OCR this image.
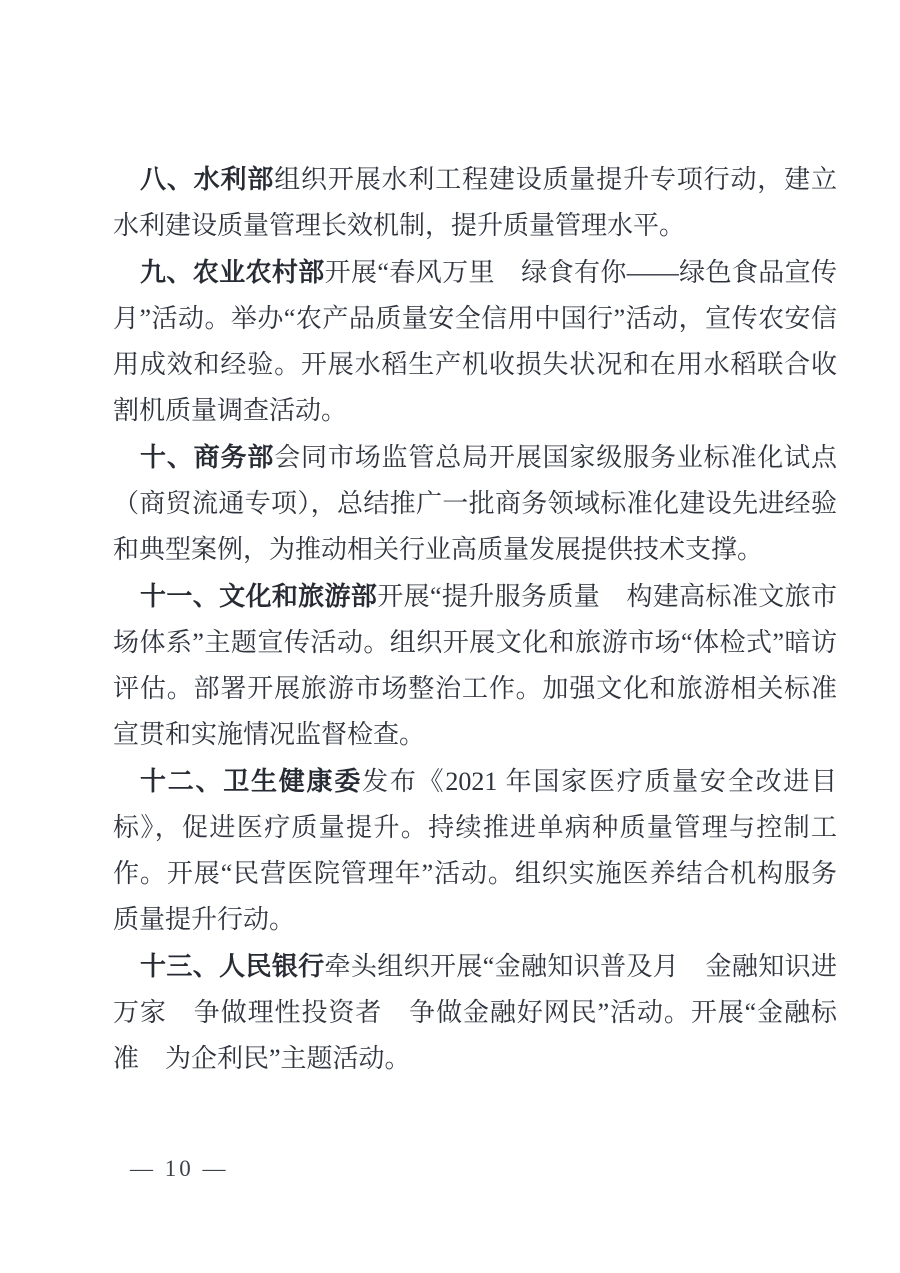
八、水利部组织开展水利工程建设质量提升专项行动，建立水利建设质量管理长效机制，提升质量管理水平。

九、农业农村部开展“春风万里　绿食有你——绿色食品宣传月”活动。举办“农产品质量安全信用中国行”活动，宣传农安信用成效和经验。开展水稻生产机收损失状况和在用水稻联合收割机质量调查活动。

十、商务部会同市场监管总局开展国家级服务业标准化试点（商贸流通专项），总结推广一批商务领域标准化建设先进经验和典型案例，为推动相关行业高质量发展提供技术支撑。

十一、文化和旅游部开展“提升服务质量　构建高标准文旅市场体系”主题宣传活动。组织开展文化和旅游市场“体检式”暗访评估。部署开展旅游市场整治工作。加强文化和旅游相关标准宣贯和实施情况监督检查。

十二、卫生健康委发布《2021 年国家医疗质量安全改进目标》，促进医疗质量提升。持续推进单病种质量管理与控制工作。开展“民营医院管理年”活动。组织实施医养结合机构服务质量提升行动。

十三、人民银行牵头组织开展“金融知识普及月　金融知识进万家　争做理性投资者　争做金融好网民”活动。开展“金融标准　为企利民”主题活动。

— 10 —
